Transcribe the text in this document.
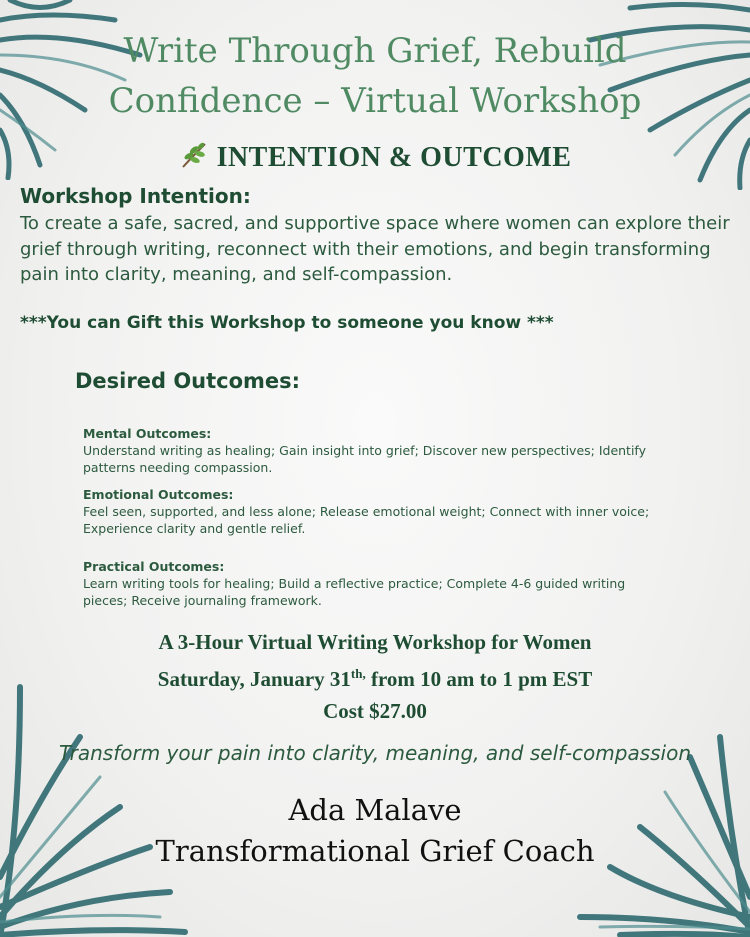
Write Through Grief, Rebuild
Confidence – Virtual Workshop
INTENTION & OUTCOME
Workshop Intention:
To create a safe, sacred, and supportive space where women can explore their grief through writing, reconnect with their emotions, and begin transforming pain into clarity, meaning, and self-compassion.
***You can Gift this Workshop to someone you know ***
Desired Outcomes:
Mental Outcomes:
Understand writing as healing; Gain insight into grief; Discover new perspectives; Identify patterns needing compassion.
Emotional Outcomes:
Feel seen, supported, and less alone; Release emotional weight; Connect with inner voice; Experience clarity and gentle relief.
Practical Outcomes:
Learn writing tools for healing; Build a reflective practice; Complete 4-6 guided writing pieces; Receive journaling framework.
A 3-Hour Virtual Writing Workshop for Women
Saturday, January $31^{th,}$ from 10 am to 1 pm EST
Cost $27.00
Transform your pain into clarity, meaning, and self-compassion
Ada Malave
Transformational Grief Coach
